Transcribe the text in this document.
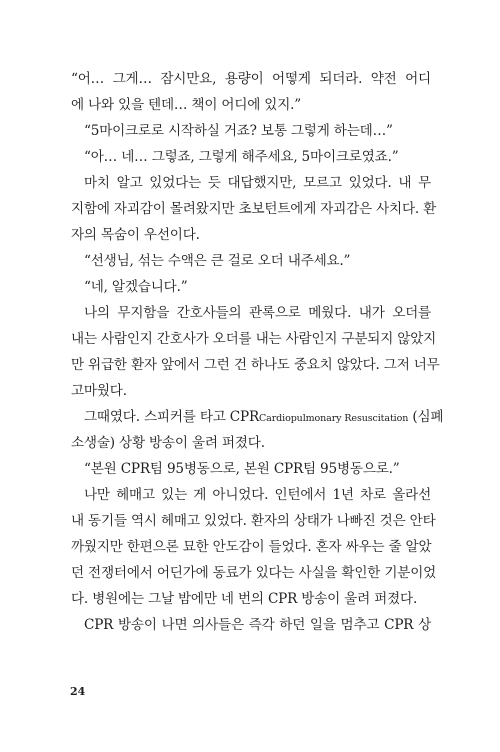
“어… 그게… 잠시만요, 용량이 어떻게 되더라. 약전 어디
에 나와 있을 텐데… 책이 어디에 있지.”
“5마이크로로 시작하실 거죠? 보통 그렇게 하는데…”
“아… 네… 그렇죠, 그렇게 해주세요, 5마이크로였죠.”
마치 알고 있었다는 듯 대답했지만, 모르고 있었다. 내 무
지함에 자괴감이 몰려왔지만 초보턴트에게 자괴감은 사치다. 환
자의 목숨이 우선이다.
“선생님, 섞는 수액은 큰 걸로 오더 내주세요.”
“네, 알겠습니다.”
나의 무지함을 간호사들의 관록으로 메웠다. 내가 오더를
내는 사람인지 간호사가 오더를 내는 사람인지 구분되지 않았지
만 위급한 환자 앞에서 그런 건 하나도 중요치 않았다. 그저 너무
고마웠다.
그때였다. 스피커를 타고 CPRCardiopulmonary Resuscitation (심폐
소생술) 상황 방송이 울려 퍼졌다.
“본원 CPR팀 95병동으로, 본원 CPR팀 95병동으로.”
나만 헤매고 있는 게 아니었다. 인턴에서 1년 차로 올라선
내 동기들 역시 헤매고 있었다. 환자의 상태가 나빠진 것은 안타
까웠지만 한편으론 묘한 안도감이 들었다. 혼자 싸우는 줄 알았
던 전쟁터에서 어딘가에 동료가 있다는 사실을 확인한 기분이었
다. 병원에는 그날 밤에만 네 번의 CPR 방송이 울려 퍼졌다.
CPR 방송이 나면 의사들은 즉각 하던 일을 멈추고 CPR 상
24
